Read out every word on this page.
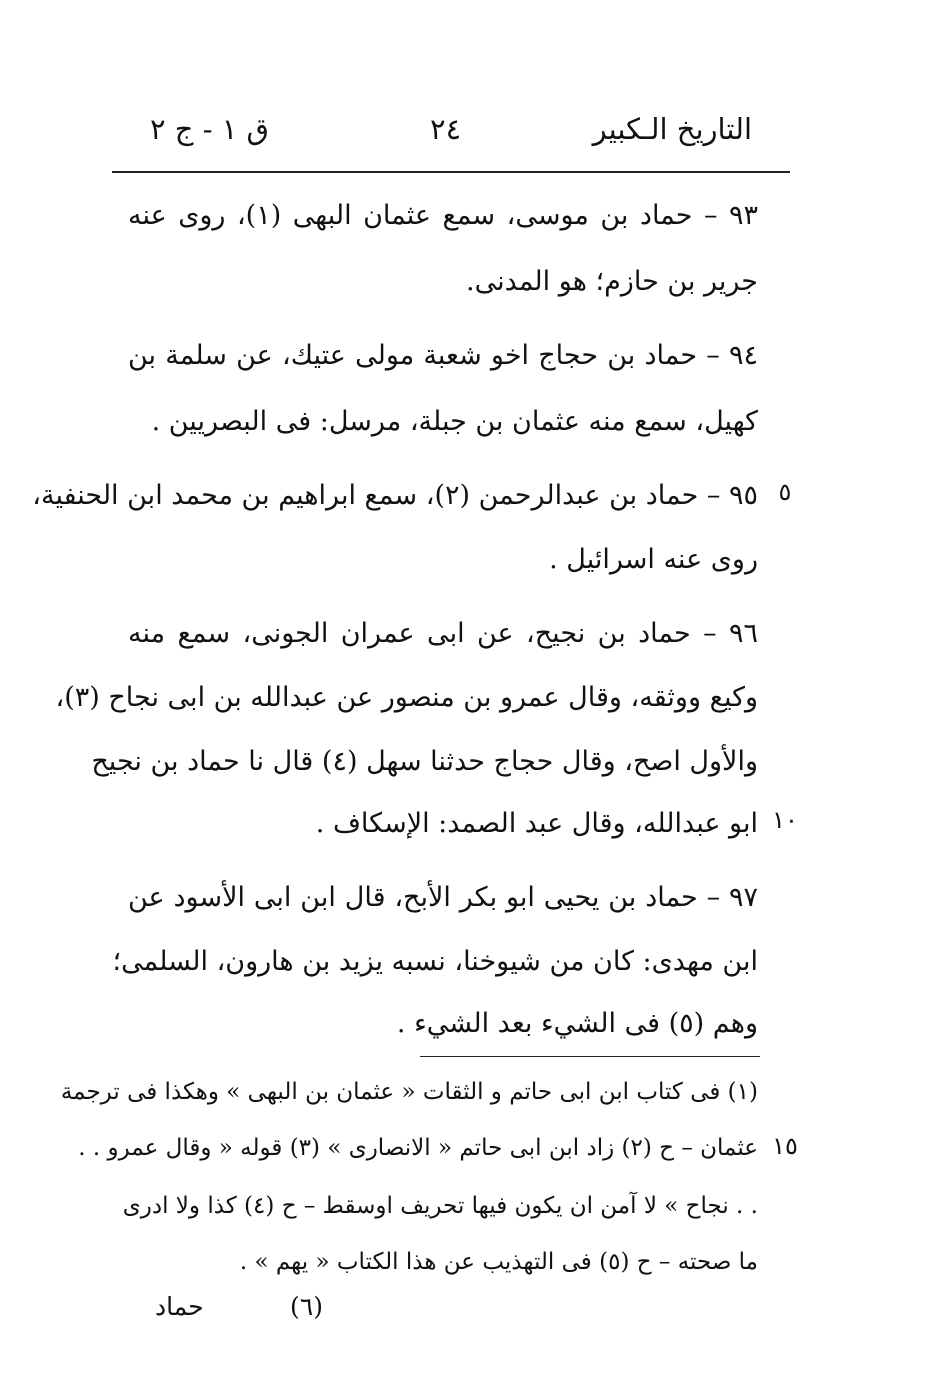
التاريخ الـكبير
٢٤
ق ١ - ج ٢
٩٣ – حماد بن موسى، سمع عثمان البهى (١)، روى عنه
جرير بن حازم؛ هو المدنى.
٩٤ – حماد بن حجاج اخو شعبة مولى عتيك، عن سلمة بن
كهيل، سمع منه عثمان بن جبلة، مرسل: فى البصريين .
٩٥ – حماد بن عبدالرحمن (٢)، سمع ابراهيم بن محمد ابن الحنفية، ٥
روى عنه اسرائيل .
٩٦ – حماد بن نجيح، عن ابى عمران الجونى، سمع منه
وكيع ووثقه، وقال عمرو بن منصور عن عبدالله بن ابى نجاح (٣)،
والأول اصح، وقال حجاج حدثنا سهل (٤) قال نا حماد بن نجيح
ابو عبدالله، وقال عبد الصمد: الإسكاف . ١٠
٩٧ – حماد بن يحيى ابو بكر الأبح، قال ابن ابى الأسود عن
ابن مهدى: كان من شيوخنا، نسبه يزيد بن هارون، السلمى؛
وهم (٥) فى الشيء بعد الشيء .
(١) فى كتاب ابن ابى حاتم و الثقات « عثمان بن البهى » وهكذا فى ترجمة
عثمان – ح (٢) زاد ابن ابى حاتم « الانصارى » (٣) قوله « وقال عمرو . . ١٥
. . نجاح » لا آمن ان يكون فيها تحريف اوسقط – ح (٤) كذا ولا ادرى
ما صحته – ح (٥) فى التهذيب عن هذا الكتاب « يهم » .
(٦)
حماد
